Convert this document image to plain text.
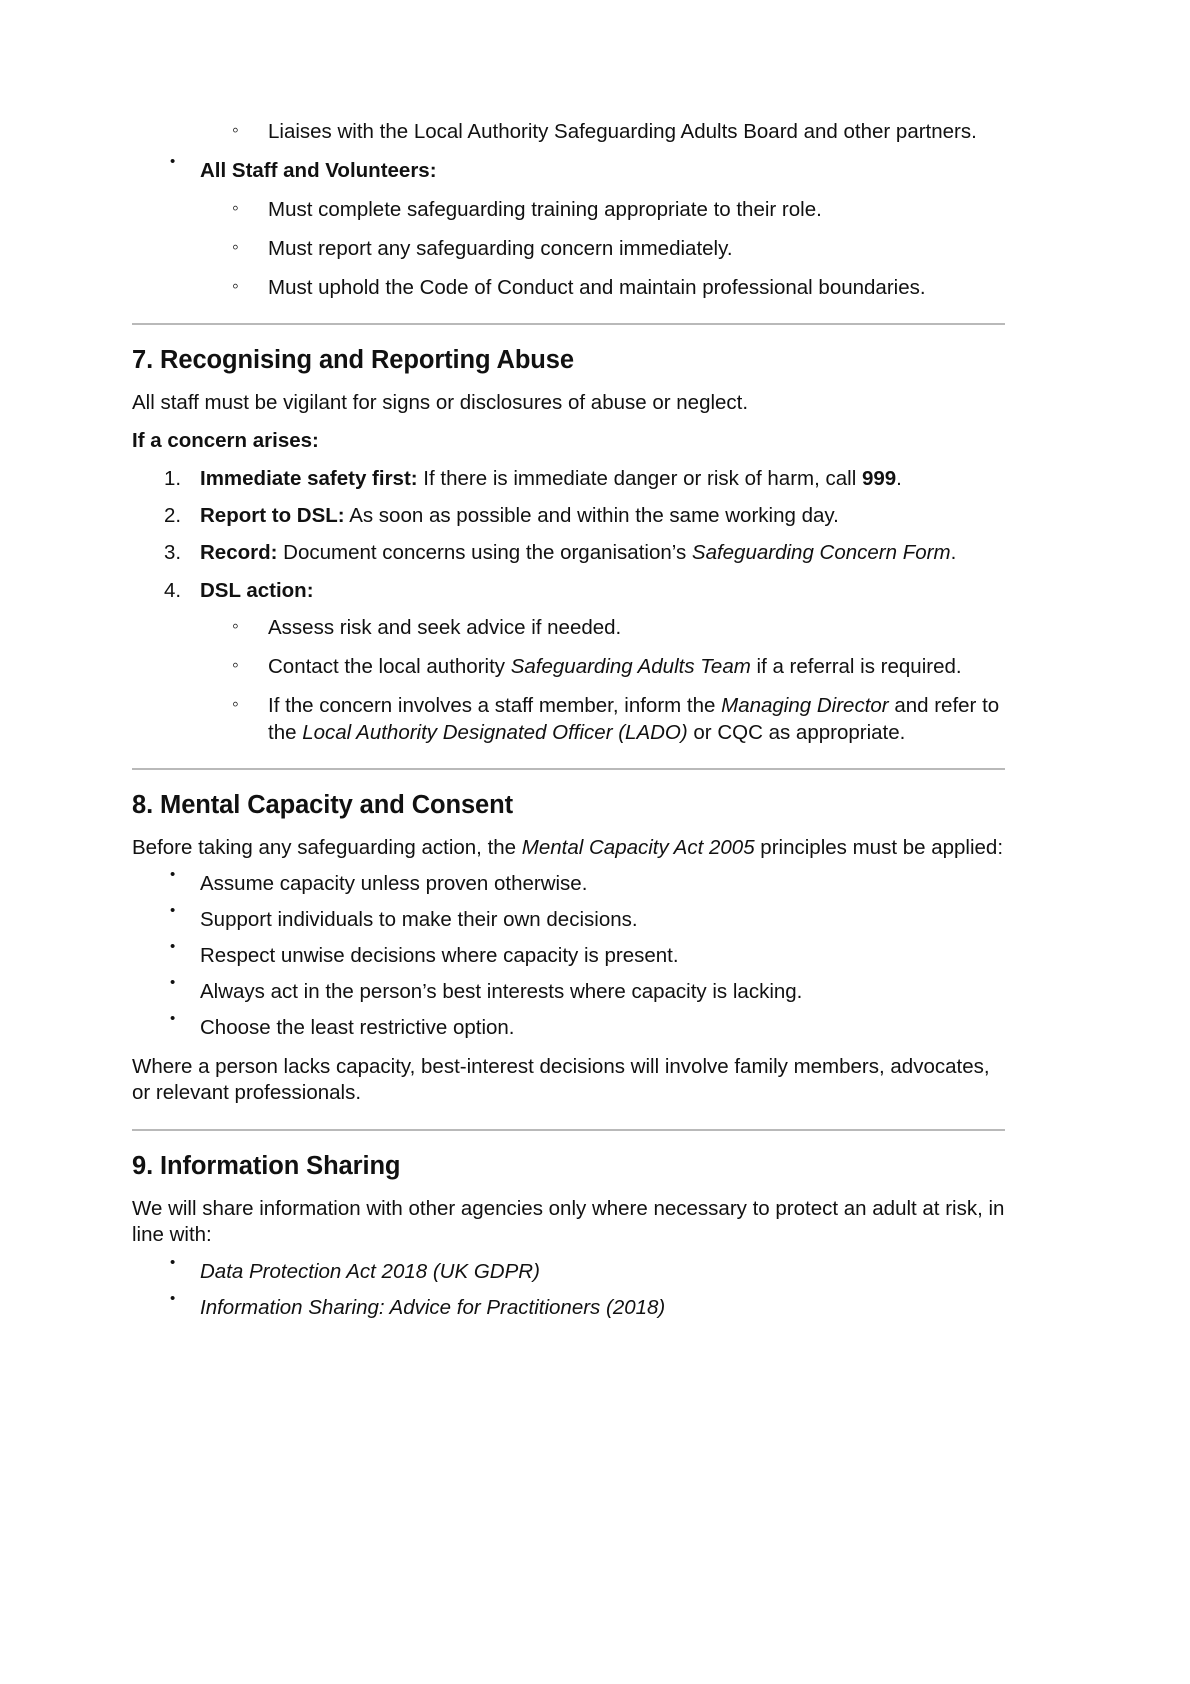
◦ Liaises with the Local Authority Safeguarding Adults Board and other partners.
• All Staff and Volunteers:
◦ Must complete safeguarding training appropriate to their role.
◦ Must report any safeguarding concern immediately.
◦ Must uphold the Code of Conduct and maintain professional boundaries.
7. Recognising and Reporting Abuse

All staff must be vigilant for signs or disclosures of abuse or neglect.

If a concern arises:

Immediate safety first: If there is immediate danger or risk of harm, call 999.
Report to DSL: As soon as possible and within the same working day.
Record: Document concerns using the organisation’s Safeguarding Concern Form.
DSL action:
◦ Assess risk and seek advice if needed.
◦ Contact the local authority Safeguarding Adults Team if a referral is required.
◦ If the concern involves a staff member, inform the Managing Director and refer to the Local Authority Designated Officer (LADO) or CQC as appropriate.
8. Mental Capacity and Consent

Before taking any safeguarding action, the Mental Capacity Act 2005 principles must be applied:

• Assume capacity unless proven otherwise.
• Support individuals to make their own decisions.
• Respect unwise decisions where capacity is present.
• Always act in the person’s best interests where capacity is lacking.
• Choose the least restrictive option.

Where a person lacks capacity, best-interest decisions will involve family members, advocates, or relevant professionals.

9. Information Sharing

We will share information with other agencies only where necessary to protect an adult at risk, in line with:

• Data Protection Act 2018 (UK GDPR)
• Information Sharing: Advice for Practitioners (2018)
